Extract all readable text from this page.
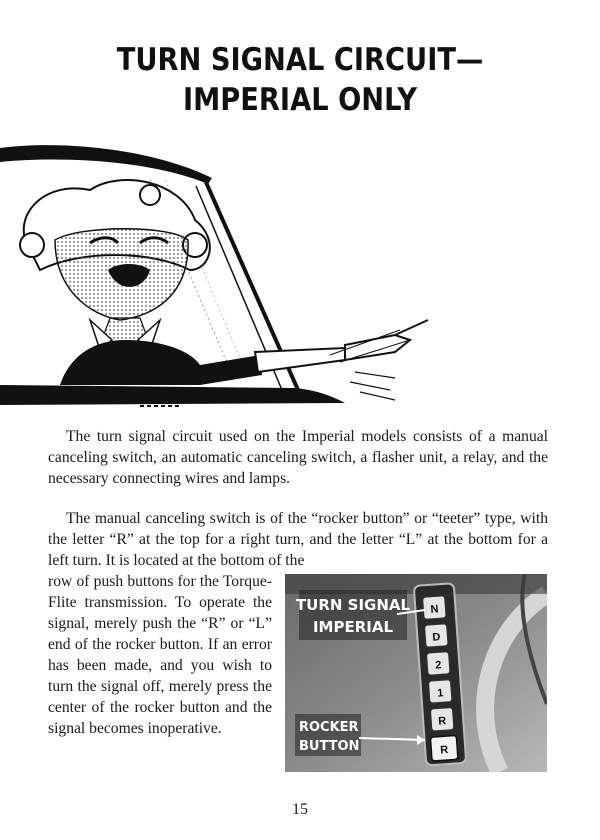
TURN SIGNAL CIRCUIT—
IMPERIAL ONLY

The turn signal circuit used on the Imperial models consists of a manual canceling switch, an automatic canceling switch, a flasher unit, a relay, and the necessary connecting wires and lamps.

The manual canceling switch is of the “rocker button” or “teeter” type, with the letter “R” at the top for a right turn, and the letter “L” at the bottom for a left turn. It is located at the bottom of the

row of push buttons for the Torque-Flite transmission. To operate the signal, merely push the “R” or “L” end of the rocker button. If an error has been made, and you wish to turn the signal off, merely press the center of the rocker button and the signal becomes inoperative.

N
D
2
1
R
R
TURN SIGNAL
IMPERIAL
ROCKER
BUTTON
15
